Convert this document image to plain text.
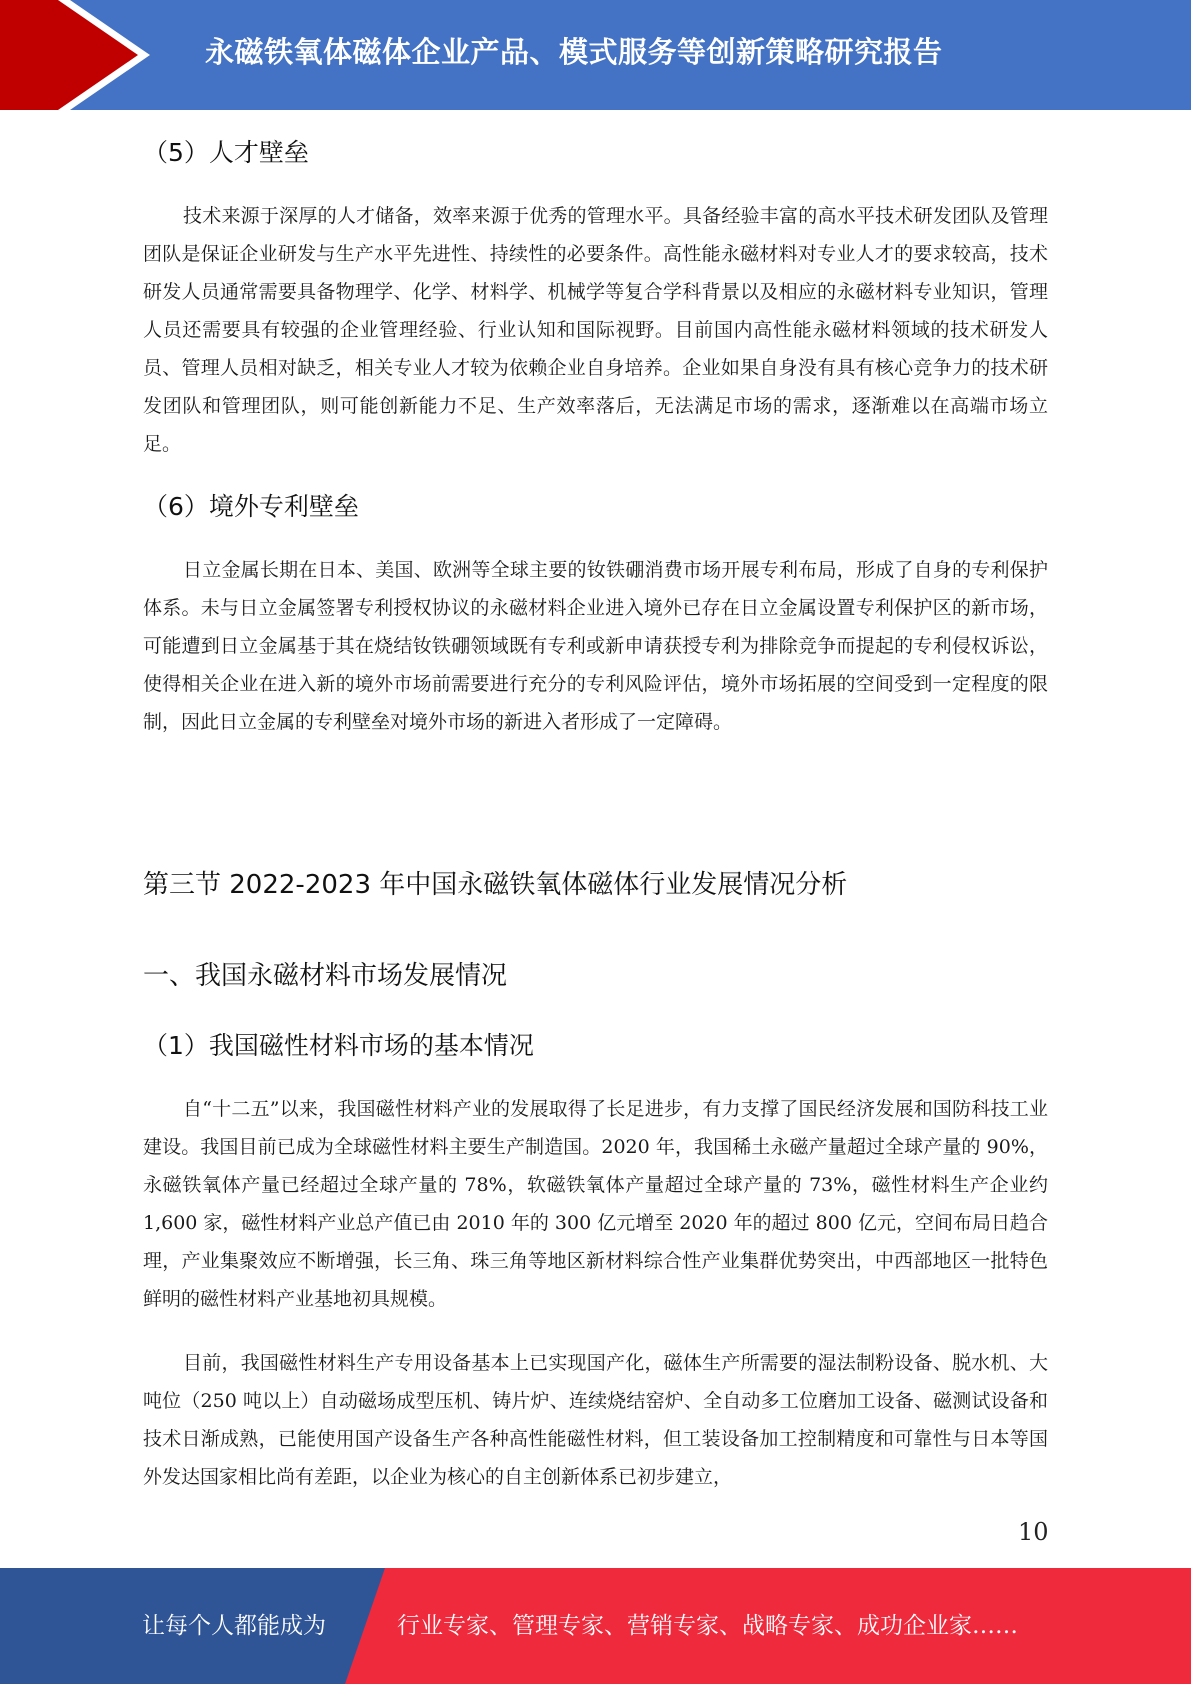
永磁铁氧体磁体企业产品、模式服务等创新策略研究报告
（5）人才壁垒

技术来源于深厚的人才储备，效率来源于优秀的管理水平。具备经验丰富的高水平技术研发团队及管理团队是保证企业研发与生产水平先进性、持续性的必要条件。高性能永磁材料对专业人才的要求较高，技术研发人员通常需要具备物理学、化学、材料学、机械学等复合学科背景以及相应的永磁材料专业知识，管理人员还需要具有较强的企业管理经验、行业认知和国际视野。目前国内高性能永磁材料领域的技术研发人员、管理人员相对缺乏，相关专业人才较为依赖企业自身培养。企业如果自身没有具有核心竞争力的技术研发团队和管理团队，则可能创新能力不足、生产效率落后，无法满足市场的需求，逐渐难以在高端市场立足。

（6）境外专利壁垒

日立金属长期在日本、美国、欧洲等全球主要的钕铁硼消费市场开展专利布局，形成了自身的专利保护体系。未与日立金属签署专利授权协议的永磁材料企业进入境外已存在日立金属设置专利保护区的新市场，可能遭到日立金属基于其在烧结钕铁硼领域既有专利或新申请获授专利为排除竞争而提起的专利侵权诉讼，使得相关企业在进入新的境外市场前需要进行充分的专利风险评估，境外市场拓展的空间受到一定程度的限制，因此日立金属的专利壁垒对境外市场的新进入者形成了一定障碍。

第三节 2022-2023 年中国永磁铁氧体磁体行业发展情况分析
一、我国永磁材料市场发展情况
（1）我国磁性材料市场的基本情况

自“十二五”以来，我国磁性材料产业的发展取得了长足进步，有力支撑了国民经济发展和国防科技工业建设。我国目前已成为全球磁性材料主要生产制造国。2020 年，我国稀土永磁产量超过全球产量的 90%，永磁铁氧体产量已经超过全球产量的 78%，软磁铁氧体产量超过全球产量的 73%，磁性材料生产企业约 1,600 家，磁性材料产业总产值已由 2010 年的 300 亿元增至 2020 年的超过 800 亿元，空间布局日趋合理，产业集聚效应不断增强，长三角、珠三角等地区新材料综合性产业集群优势突出，中西部地区一批特色鲜明的磁性材料产业基地初具规模。

目前，我国磁性材料生产专用设备基本上已实现国产化，磁体生产所需要的湿法制粉设备、脱水机、大吨位（250 吨以上）自动磁场成型压机、铸片炉、连续烧结窑炉、全自动多工位磨加工设备、磁测试设备和技术日渐成熟，已能使用国产设备生产各种高性能磁性材料，但工装设备加工控制精度和可靠性与日本等国外发达国家相比尚有差距，以企业为核心的自主创新体系已初步建立，

10
让每个人都能成为	行业专家、管理专家、营销专家、战略专家、成功企业家……
